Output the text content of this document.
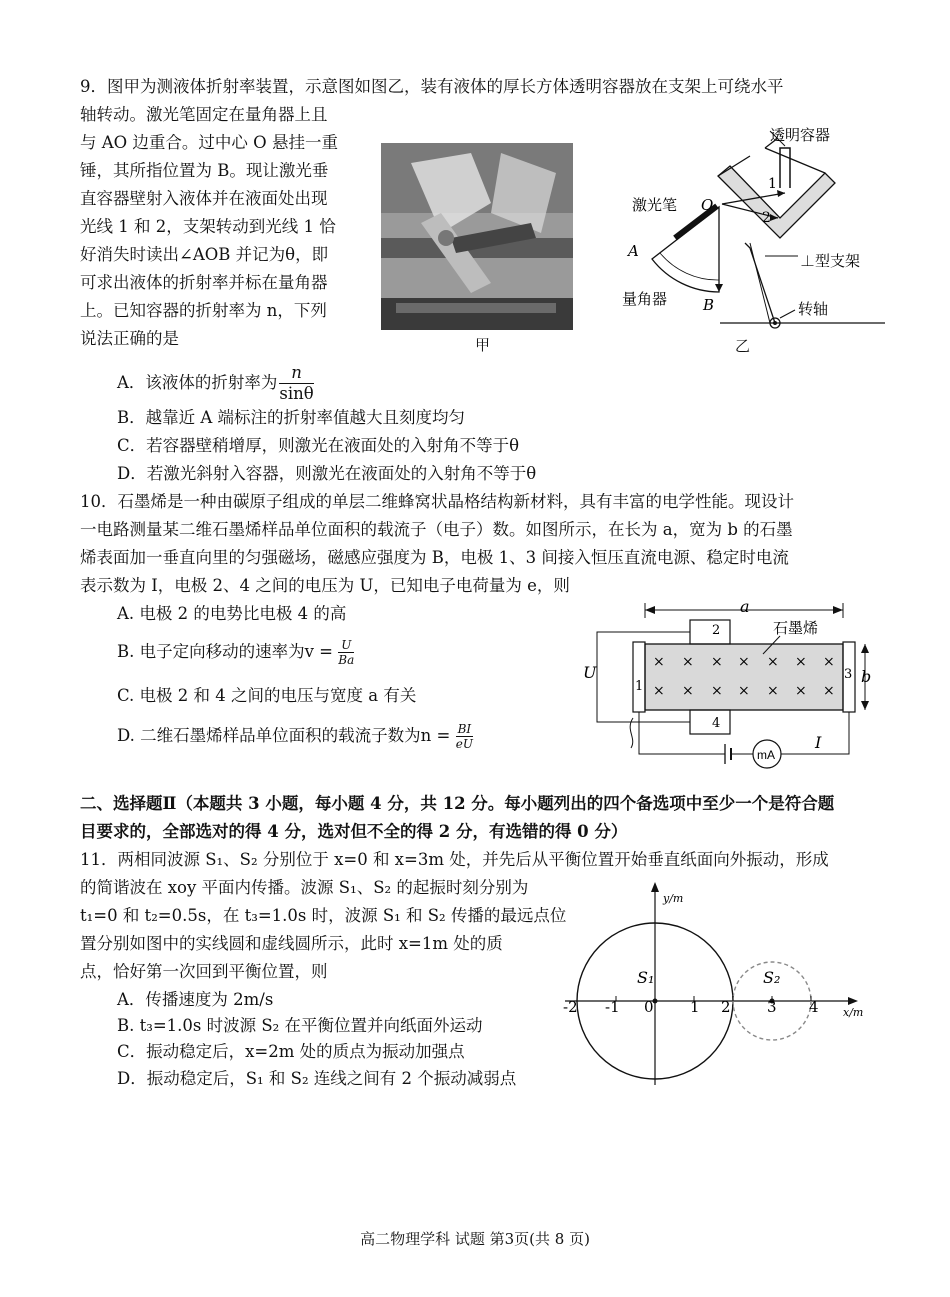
9．图甲为测液体折射率装置，示意图如图乙，装有液体的厚长方体透明容器放在支架上可绕水平
轴转动。激光笔固定在量角器上且
与 AO 边重合。过中心 O 悬挂一重
锤，其所指位置为 B。现让激光垂
直容器壁射入液体并在液面处出现
光线 1 和 2，支架转动到光线 1 恰
好消失时读出∠AOB 并记为θ，即
可求出液体的折射率并标在量角器
上。已知容器的折射率为 n，下列
说法正确的是	甲
透明容器
1
2
激光笔 O
A
B
量角器
⊥型支架
转轴
乙
A．该液体的折射率为 $\frac{n}{\sin\theta}$
B．越靠近 A 端标注的折射率值越大且刻度均匀
C．若容器壁稍增厚，则激光在液面处的入射角不等于θ
D．若激光斜射入容器，则激光在液面处的入射角不等于θ
10．石墨烯是一种由碳原子组成的单层二维蜂窝状晶格结构新材料，具有丰富的电学性能。现设计
一电路测量某二维石墨烯样品单位面积的载流子（电子）数。如图所示，在长为 a，宽为 b 的石墨
烯表面加一垂直向里的匀强磁场，磁感应强度为 B，电极 1、3 间接入恒压直流电源、稳定时电流
表示数为 I，电极 2、4 之间的电压为 U，已知电子电荷量为 e，则
A. 电极 2 的电势比电极 4 的高
B. 电子定向移动的速率为$v = \frac{U}{Ba}$
C. 电极 2 和 4 之间的电压与宽度 a 有关
D. 二维石墨烯样品单位面积的载流子数为$n = \frac{BI}{eU}$
a
1
3
2
4
石墨烯
× × × × × × ×
× × × × × × ×
b
U
mA
I
二、选择题Ⅱ（本题共 3 小题，每小题 4 分，共 12 分。每小题列出的四个备选项中至少一个是符合题
目要求的，全部选对的得 4 分，选对但不全的得 2 分，有选错的得 0 分）
11．两相同波源 S₁、S₂ 分别位于 x=0 和 x=3m 处，并先后从平衡位置开始垂直纸面向外振动，形成
的简谐波在 xoy 平面内传播。波源 S₁、S₂ 的起振时刻分别为
t₁=0 和 t₂=0.5s，在 t₃=1.0s 时，波源 S₁ 和 S₂ 传播的最远点位
置分别如图中的实线圆和虚线圆所示，此时 x=1m 处的质
点，恰好第一次回到平衡位置，则
A．传播速度为 2m/s
B. t₃=1.0s 时波源 S₂ 在平衡位置并向纸面外运动
C．振动稳定后，x=2m 处的质点为振动加强点
D．振动稳定后，S₁ 和 S₂ 连线之间有 2 个振动减弱点
y/m
x/m
S₁	S₂
-2 -1 0 1 2 3 4
高二物理学科 试题 第3页(共 8 页)
